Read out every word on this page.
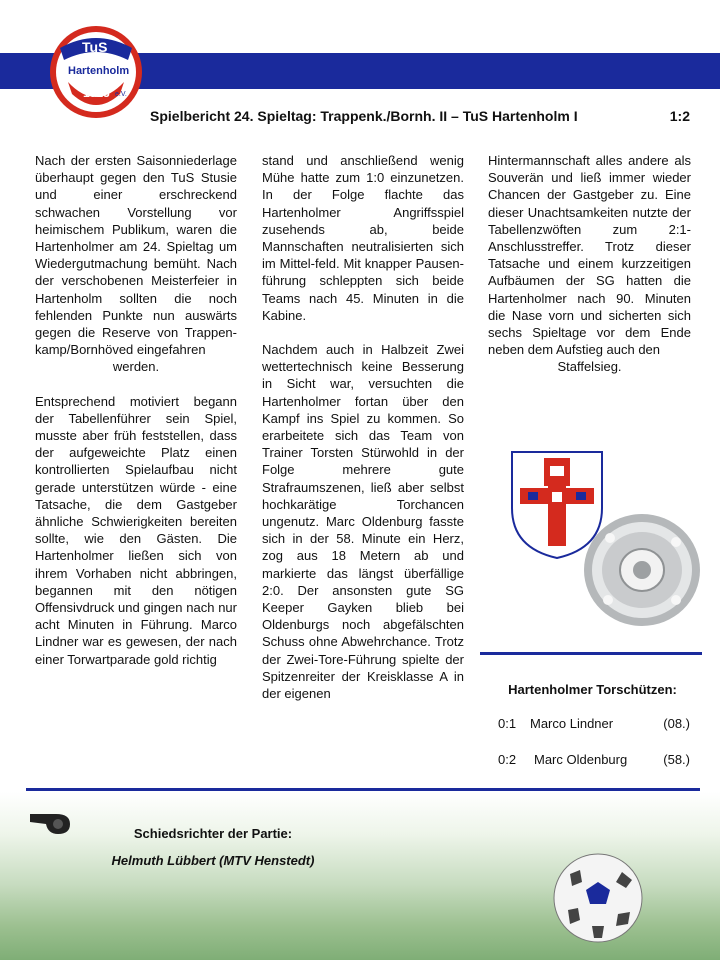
TuS
Hartenholm
1913 e.V.
Spielbericht 24. Spieltag: Trappenk./Bornh. II – TuS Hartenholm I	1:2

Nach der ersten Saisonniederlage überhaupt gegen den TuS Stusie und einer erschreckend schwachen Vorstellung vor heimischem Publikum, waren die Hartenholmer am 24. Spieltag um Wiedergutmachung bemüht. Nach der verschobenen Meisterfeier in Hartenholm sollten die noch fehlenden Punkte nun auswärts gegen die Reserve von Trappenkamp/Bornhöved eingefahren

werden.

Entsprechend motiviert begann der Tabellenführer sein Spiel, musste aber früh feststellen, dass der aufgeweichte Platz einen kontrollierten Spielaufbau nicht gerade unterstützen würde - eine Tatsache, die dem Gastgeber ähnliche Schwierigkeiten bereiten sollte, wie den Gästen. Die Hartenholmer ließen sich von ihrem Vorhaben nicht abbringen, begannen mit den nötigen Offensivdruck und gingen nach nur acht Minuten in Führung. Marco Lindner war es gewesen, der nach einer Torwartparade gold richtig

stand und anschließend wenig Mühe hatte zum 1:0 einzunetzen. In der Folge flachte das Hartenholmer Angriffsspiel zusehends ab, beide Mannschaften neutralisierten sich im Mittel-feld. Mit knapper Pausen-führung schleppten sich beide Teams nach 45. Minuten in die Kabine.

Nachdem auch in Halbzeit Zwei wettertechnisch keine Besserung in Sicht war, versuchten die Hartenholmer fortan über den Kampf ins Spiel zu kommen. So erarbeitete sich das Team von Trainer Torsten Stürwohld in der Folge mehrere gute Strafraumszenen, ließ aber selbst hochkarätige Torchancen ungenutz. Marc Oldenburg fasste sich in der 58. Minute ein Herz, zog aus 18 Metern ab und markierte das längst überfällige 2:0. Der ansonsten gute SG Keeper Gayken blieb bei Oldenburgs noch abgefälschten Schuss ohne Abwehrchance. Trotz der Zwei-Tore-Führung spielte der Spitzenreiter der Kreisklasse A in der eigenen

Hintermannschaft alles andere als Souverän und ließ immer wieder Chancen der Gastgeber zu. Eine dieser Unachtsamkeiten nutzte der Tabellenzwöften zum 2:1-Anschlusstreffer. Trotz dieser Tatsache und einem kurzzeitigen Aufbäumen der SG hatten die Hartenholmer nach 90. Minuten die Nase vorn und sicherten sich sechs Spieltage vor dem Ende neben dem Aufstieg auch den

Staffelsieg.

Hartenholmer Torschützen:
0:1	Marco Lindner	(08.)
0:2	Marc Oldenburg	(58.)
Schiedsrichter der Partie:
Helmuth Lübbert (MTV Henstedt)
